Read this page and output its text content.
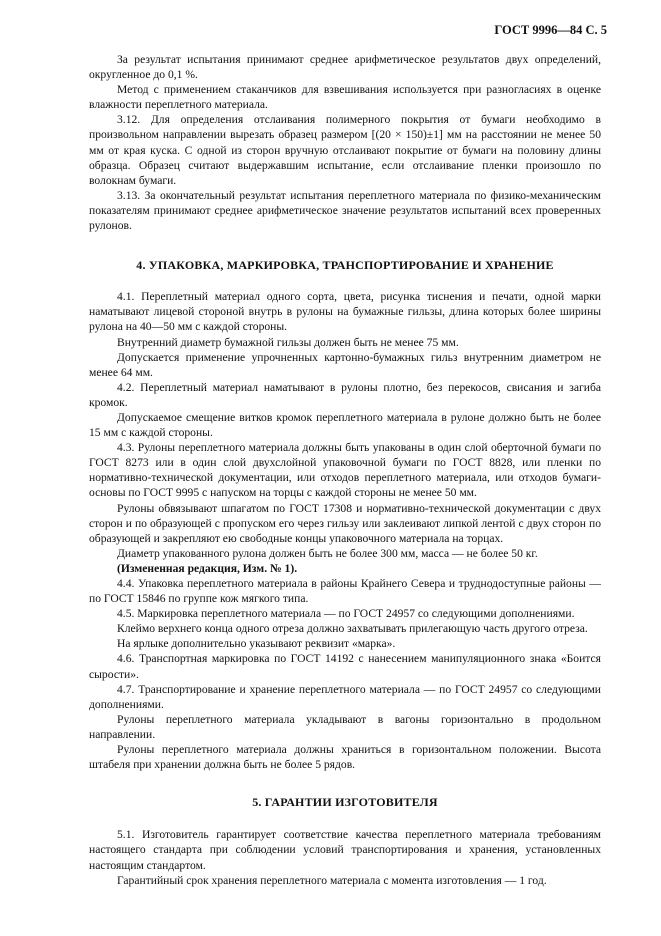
ГОСТ 9996—84 С. 5

За результат испытания принимают среднее арифметическое результатов двух определений, округленное до 0,1 %.

Метод с применением стаканчиков для взвешивания используется при разногласиях в оценке влажности переплетного материала.

3.12. Для определения отслаивания полимерного покрытия от бумаги необходимо в произвольном направлении вырезать образец размером [(20 × 150)±1] мм на расстоянии не менее 50 мм от края куска. С одной из сторон вручную отслаивают покрытие от бумаги на половину длины образца. Образец считают выдержавшим испытание, если отслаивание пленки произошло по волокнам бумаги.

3.13. За окончательный результат испытания переплетного материала по физико-механическим показателям принимают среднее арифметическое значение результатов испытаний всех проверенных рулонов.

4. УПАКОВКА, МАРКИРОВКА, ТРАНСПОРТИРОВАНИЕ И ХРАНЕНИЕ

4.1. Переплетный материал одного сорта, цвета, рисунка тиснения и печати, одной марки наматывают лицевой стороной внутрь в рулоны на бумажные гильзы, длина которых более ширины рулона на 40—50 мм с каждой стороны.

Внутренний диаметр бумажной гильзы должен быть не менее 75 мм.

Допускается применение упрочненных картонно-бумажных гильз внутренним диаметром не менее 64 мм.

4.2. Переплетный материал наматывают в рулоны плотно, без перекосов, свисания и загиба кромок.

Допускаемое смещение витков кромок переплетного материала в рулоне должно быть не более 15 мм с каждой стороны.

4.3. Рулоны переплетного материала должны быть упакованы в один слой оберточной бумаги по ГОСТ 8273 или в один слой двухслойной упаковочной бумаги по ГОСТ 8828, или пленки по нормативно-технической документации, или отходов переплетного материала, или отходов бумаги-основы по ГОСТ 9995 с напуском на торцы с каждой стороны не менее 50 мм.

Рулоны обвязывают шпагатом по ГОСТ 17308 и нормативно-технической документации с двух сторон и по образующей с пропуском его через гильзу или заклеивают липкой лентой с двух сторон по образующей и закрепляют ею свободные концы упаковочного материала на торцах.

Диаметр упакованного рулона должен быть не более 300 мм, масса — не более 50 кг.

(Измененная редакция, Изм. № 1).

4.4. Упаковка переплетного материала в районы Крайнего Севера и труднодоступные районы — по ГОСТ 15846 по группе кож мягкого типа.

4.5. Маркировка переплетного материала — по ГОСТ 24957 со следующими дополнениями.

Клеймо верхнего конца одного отреза должно захватывать прилегающую часть другого отреза.

На ярлыке дополнительно указывают реквизит «марка».

4.6. Транспортная маркировка по ГОСТ 14192 с нанесением манипуляционного знака «Боится сырости».

4.7. Транспортирование и хранение переплетного материала — по ГОСТ 24957 со следующими дополнениями.

Рулоны переплетного материала укладывают в вагоны горизонтально в продольном направлении.

Рулоны переплетного материала должны храниться в горизонтальном положении. Высота штабеля при хранении должна быть не более 5 рядов.

5. ГАРАНТИИ ИЗГОТОВИТЕЛЯ

5.1. Изготовитель гарантирует соответствие качества переплетного материала требованиям настоящего стандарта при соблюдении условий транспортирования и хранения, установленных настоящим стандартом.

Гарантийный срок хранения переплетного материала с момента изготовления — 1 год.
